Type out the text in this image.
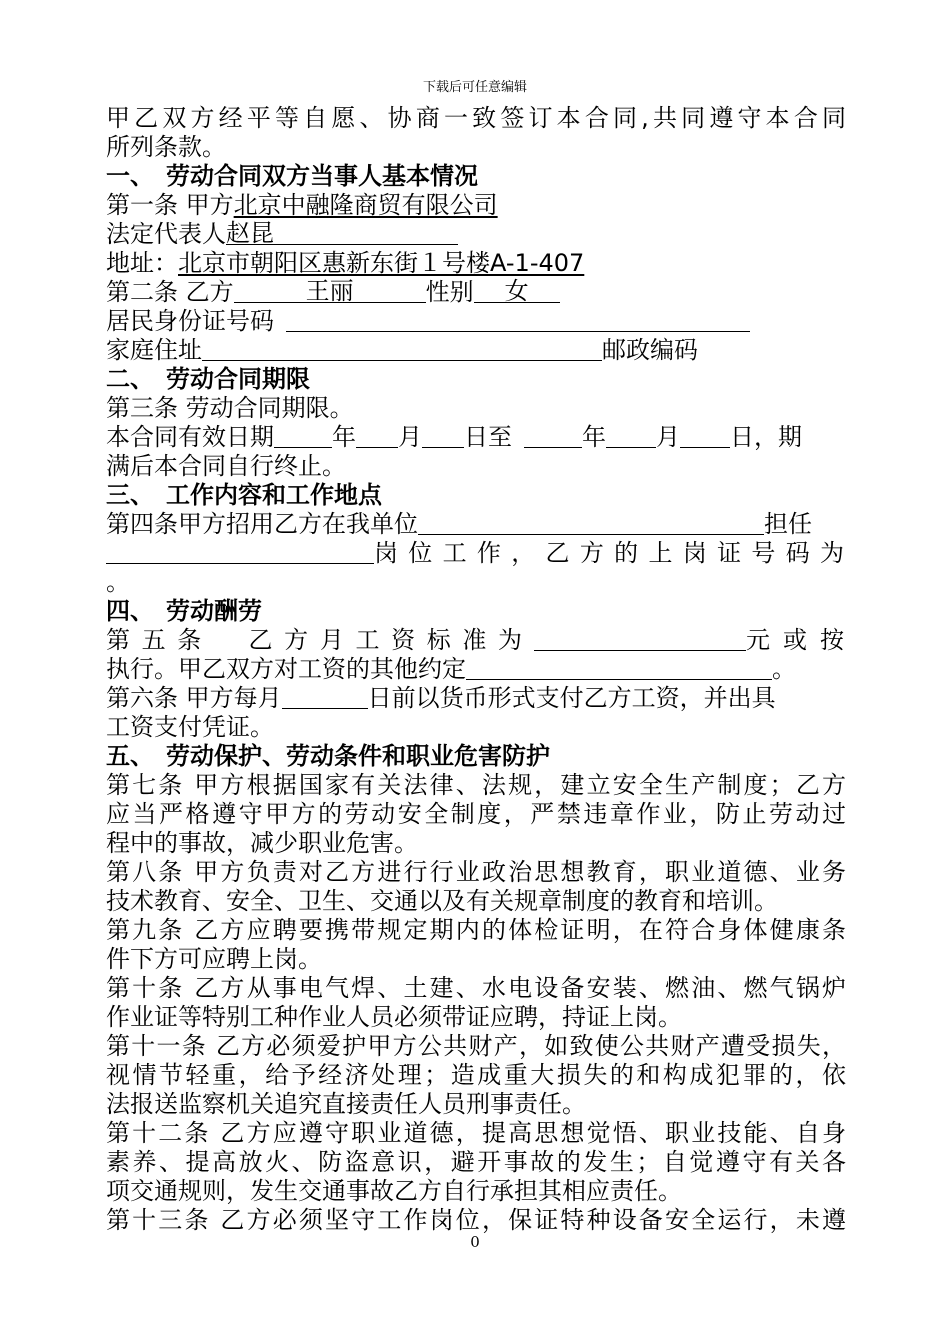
下载后可任意编辑
甲乙双方经平等自愿、协商一致签订本合同,共同遵守本合同
所列条款。
一、　劳动合同双方当事人基本情况
第一条 甲方北京中融隆商贸有限公司
法定代表人赵昆
地址：北京市朝阳区惠新东街１号楼A-1-407
第二条 乙方	王丽	性别 女
居民身份证号码
家庭住址	邮政编码
二、　劳动合同期限
第三条 劳动合同期限。
本合同有效日期 年 月 日至	年 月 日，期
满后本合同自行终止。
三、　工作内容和工作地点
第四条甲方招用乙方在我单位	担任
岗位工作，乙方的上岗证号码为
。
四、　劳动酬劳
第五条　乙方月工资标准为	元或按
执行。甲乙双方对工资的其他约定	。
第六条 甲方每月	日前以货币形式支付乙方工资，并出具
工资支付凭证。
五、　劳动保护、劳动条件和职业危害防护
第七条 甲方根据国家有关法律、法规，建立安全生产制度；乙方
应当严格遵守甲方的劳动安全制度，严禁违章作业，防止劳动过
程中的事故，减少职业危害。
第八条 甲方负责对乙方进行行业政治思想教育，职业道德、业务
技术教育、安全、卫生、交通以及有关规章制度的教育和培训。
第九条 乙方应聘要携带规定期内的体检证明，在符合身体健康条
件下方可应聘上岗。
第十条 乙方从事电气焊、土建、水电设备安装、燃油、燃气锅炉
作业证等特别工种作业人员必须带证应聘，持证上岗。
第十一条 乙方必须爱护甲方公共财产，如致使公共财产遭受损失，
视情节轻重，给予经济处理；造成重大损失的和构成犯罪的，依
法报送监察机关追究直接责任人员刑事责任。
第十二条 乙方应遵守职业道德，提高思想觉悟、职业技能、自身
素养、提高放火、防盗意识，避开事故的发生；自觉遵守有关各
项交通规则，发生交通事故乙方自行承担其相应责任。
第十三条 乙方必须坚守工作岗位，保证特种设备安全运行，未遵
0
